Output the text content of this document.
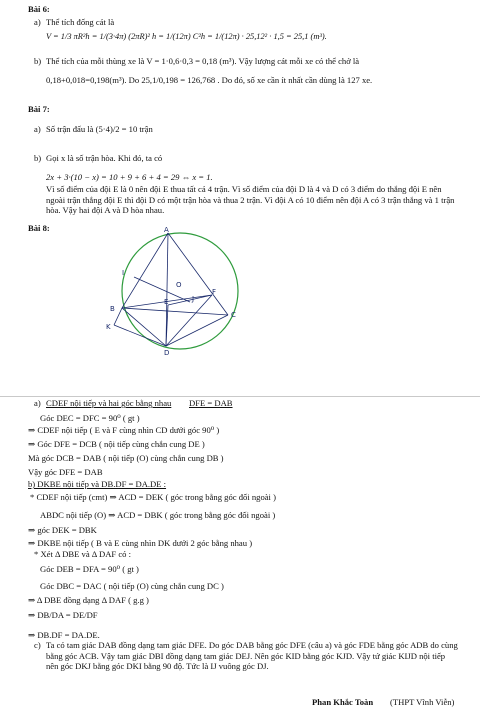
Bài 6:
a) Thể tích đống cát là
V = 1/3 πR²h = 1/(3·4π) (2πR)² h = 1/(12π) C²h = 1/(12π) · 25,12² · 1,5 = 25,1 (m³).
b) Thể tích của mỗi thùng xe là V = 1·0,6·0,3 = 0,18 (m³). Vậy lượng cát mỗi xe có thể chở là
0,18+0,018=0,198(m³). Do 25,1/0,198 = 126,768 . Do đó, số xe cần ít nhất cần dùng là 127 xe.
Bài 7:
a) Số trận đấu là (5·4)/2 = 10 trận
b) Gọi x là số trận hòa. Khi đó, ta có
2x + 3·(10 − x) = 10 + 9 + 6 + 4 = 29 ⇔ x = 1.
Vì số điểm của đội E là 0 nên đội E thua tất cả 4 trận. Vì số điểm của đội D là 4 và D có 3 điểm do thắng đội E nên ngoài trận thắng đội E thì đội D có một trận hòa và thua 2 trận. Vì đội A có 10 điểm nên đội A có 3 trận thắng và 1 trận hòa. Vậy hai đội A và D hòa nhau.
Bài 8:	A
I
O
J
F
E
B
C
K
D
a) CDEF nội tiếp và hai góc bằng nhau DFE = DAB
Góc DEC = DFC = 90⁰ ( gt )
⇒ CDEF nội tiếp ( E và F cùng nhìn CD dưới góc 90⁰ )
⇒ Góc DFE = DCB ( nội tiếp cùng chắn cung DE )
Mà góc DCB = DAB ( nội tiếp (O) cùng chắn cung DB )
Vậy góc DFE = DAB
b) DKBE nội tiếp và DB.DF = DA.DE :
* CDEF nội tiếp (cmt) ⇒ ACD = DEK ( góc trong bằng góc đối ngoài )
ABDC nội tiếp (O) ⇒ ACD = DBK ( góc trong bằng góc đối ngoài )
⇒ góc DEK = DBK
⇒ DKBE nội tiếp ( B và E cùng nhìn DK dưới 2 góc bằng nhau )
* Xét Δ DBE và Δ DAF có :
Góc DEB = DFA = 90⁰ ( gt )
Góc DBC = DAC ( nội tiếp (O) cùng chắn cung DC )
⇒ Δ DBE đồng dạng Δ DAF ( g.g )
⇒ DB/DA = DE/DF
⇒ DB.DF = DA.DE.
c) Ta có tam giác DAB đồng dạng tam giác DFE. Do góc DAB bằng góc DFE (câu a) và góc FDE bằng góc ADB do cùng bằng góc ACB. Vậy tam giác DBI đồng dạng tam giác DEJ. Nên góc KID bằng góc KJD. Vậy tứ giác KIJD nội tiếp nên góc DKJ bằng góc DKI bằng 90 độ. Tức là IJ vuông góc DJ.
Phan Khắc Toàn (THPT Vĩnh Viễn)
